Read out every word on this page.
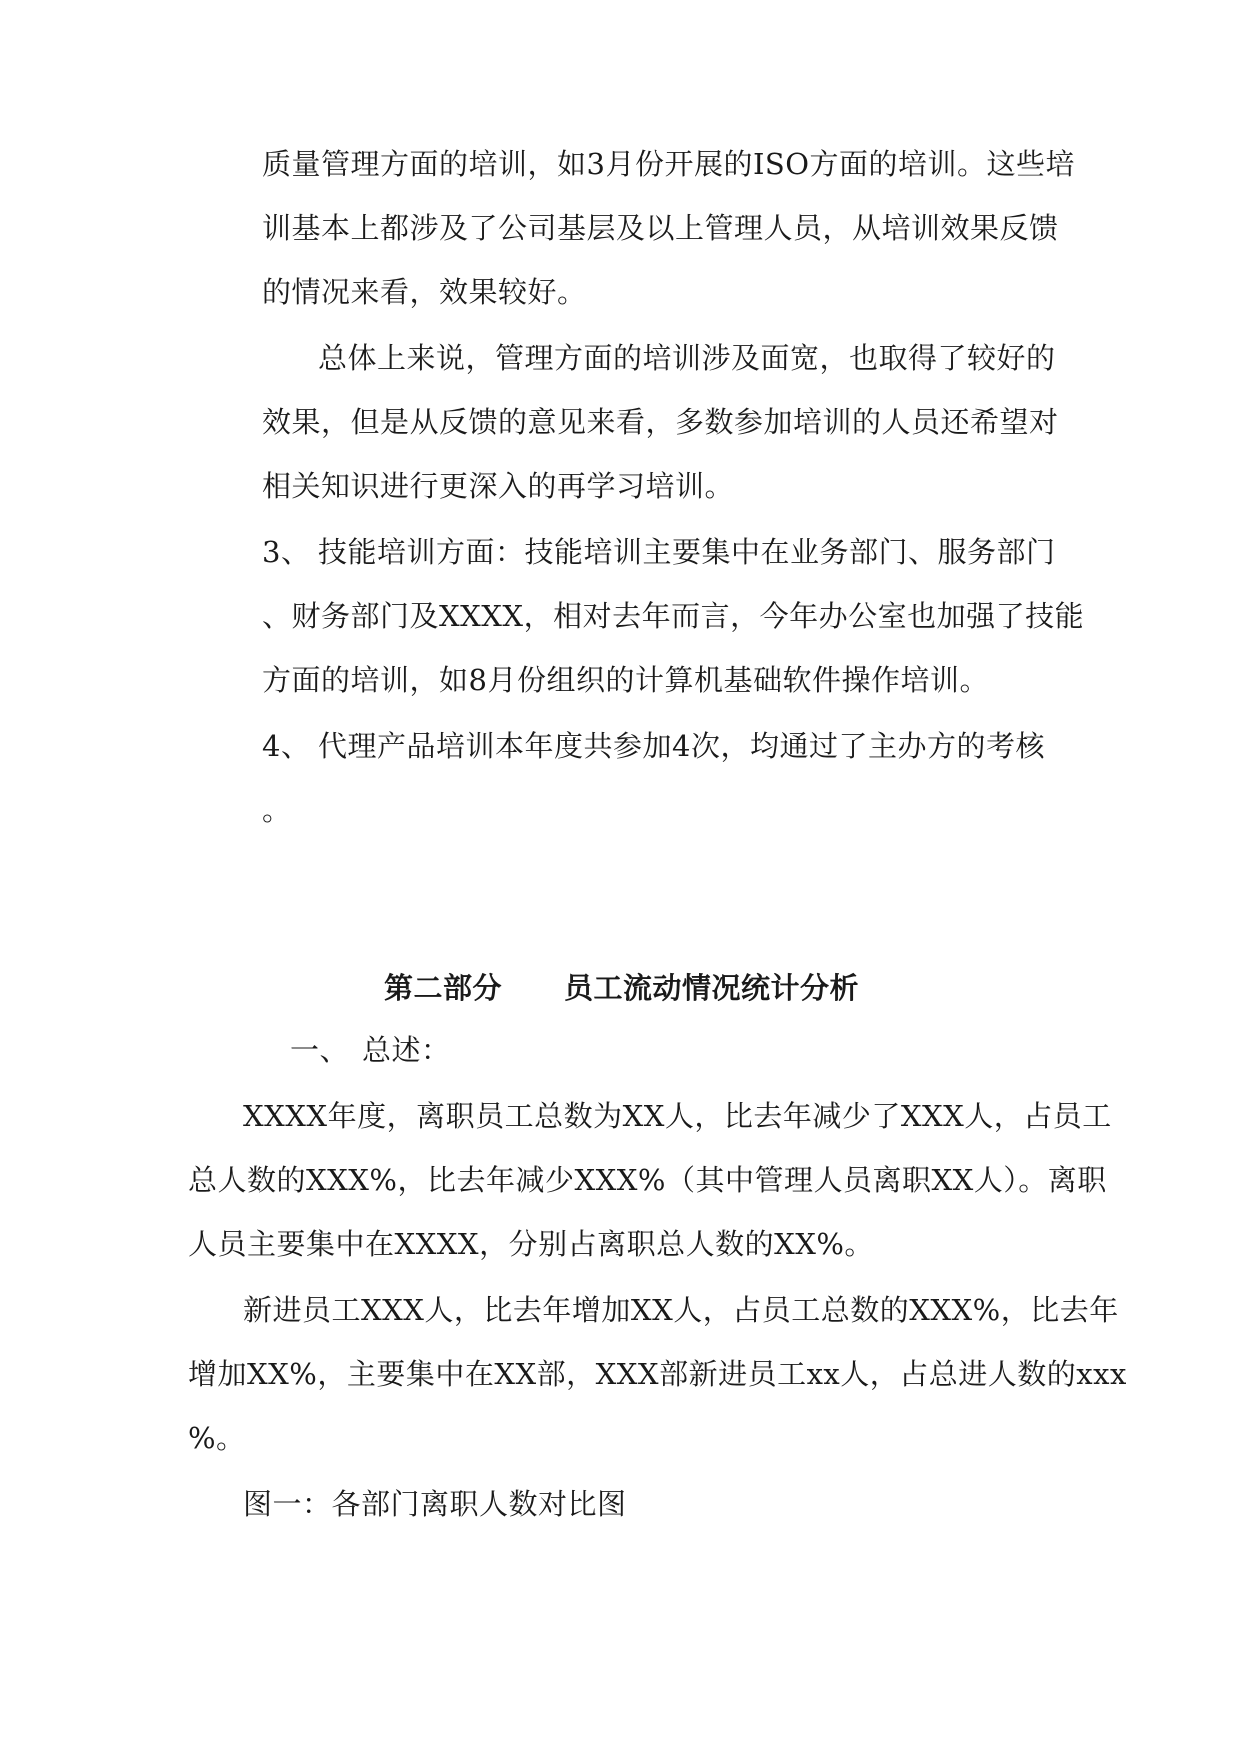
质量管理方面的培训，如3月份开展的ISO方面的培训。这些培
训基本上都涉及了公司基层及以上管理人员，从培训效果反馈
的情况来看，效果较好。
总体上来说，管理方面的培训涉及面宽，也取得了较好的
效果，但是从反馈的意见来看，多数参加培训的人员还希望对
相关知识进行更深入的再学习培训。
3、 技能培训方面：技能培训主要集中在业务部门、服务部门
、财务部门及XXXX，相对去年而言，今年办公室也加强了技能
方面的培训，如8月份组织的计算机基础软件操作培训。
4、 代理产品培训本年度共参加4次，均通过了主办方的考核
。
第二部分 员工流动情况统计分析
一、 总述：
XXXX年度，离职员工总数为XX人，比去年减少了XXX人，占员工
总人数的XXX%，比去年减少XXX%（其中管理人员离职XX人）。离职
人员主要集中在XXXX，分别占离职总人数的XX%。
新进员工XXX人，比去年增加XX人，占员工总数的XXX%，比去年
增加XX%，主要集中在XX部，XXX部新进员工xx人，占总进人数的xxx
%。
图一：各部门离职人数对比图
